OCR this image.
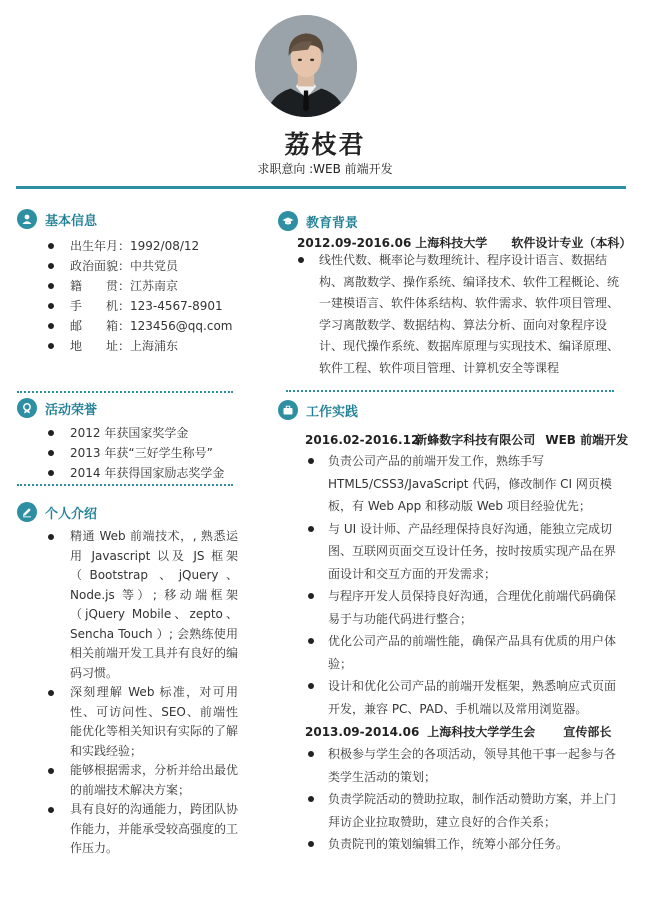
荔枝君
求职意向 :WEB 前端开发
基本信息
出生年月：1992/08/12
政治面貌：中共党员
籍　　贯：江苏南京
手　　机：123-4567-8901
邮　　箱：123456@qq.com
地　　址：上海浦东
活动荣誉
2012 年获国家奖学金
2013 年获“三好学生称号”
2014 年获得国家励志奖学金
个人介绍
精通 Web 前端技术，, 熟悉运用 Javascript 以及 JS 框架（Bootstrap 、jQuery、Node.js 等）; 移动端框架（jQuery Mobile、zepto、Sencha Touch ）; 会熟练使用相关前端开发工具并有良好的编码习惯。
深刻理解 Web 标准，对可用性、可访问性、SEO、前端性能优化等相关知识有实际的了解和实践经验；
能够根据需求，分析并给出最优的前端技术解决方案；
具有良好的沟通能力，跨团队协作能力，并能承受较高强度的工作压力。
教育背景
2012.09-2016.06 上海科技大学 软件设计专业（本科）
线性代数、概率论与数理统计、程序设计语言、数据结构、离散数学、操作系统、编译技术、软件工程概论、统一建模语言、软件体系结构、软件需求、软件项目管理、学习离散数学、数据结构、算法分析、面向对象程序设计、现代操作系统、数据库原理与实现技术、编译原理、软件工程、软件项目管理、计算机安全等课程
工作实践
2016.02-2016.12 新蜂数字科技有限公司 WEB 前端开发
负责公司产品的前端开发工作，熟练手写 HTML5/CSS3/JavaScript 代码，修改制作 CI 网页模板，有 Web App 和移动版 Web 项目经验优先；
与 UI 设计师、产品经理保持良好沟通，能独立完成切图、互联网页面交互设计任务，按时按质实现产品在界面设计和交互方面的开发需求；
与程序开发人员保持良好沟通，合理优化前端代码确保易于与功能代码进行整合；
优化公司产品的前端性能，确保产品具有优质的用户体验；
设计和优化公司产品的前端开发框架，熟悉响应式页面开发，兼容 PC、PAD、手机端以及常用浏览器。
2013.09-2014.06 上海科技大学学生会 宣传部长
积极参与学生会的各项活动，领导其他干事一起参与各类学生活动的策划；
负责学院活动的赞助拉取，制作活动赞助方案，并上门拜访企业拉取赞助，建立良好的合作关系；
负责院刊的策划编辑工作，统筹小部分任务。
